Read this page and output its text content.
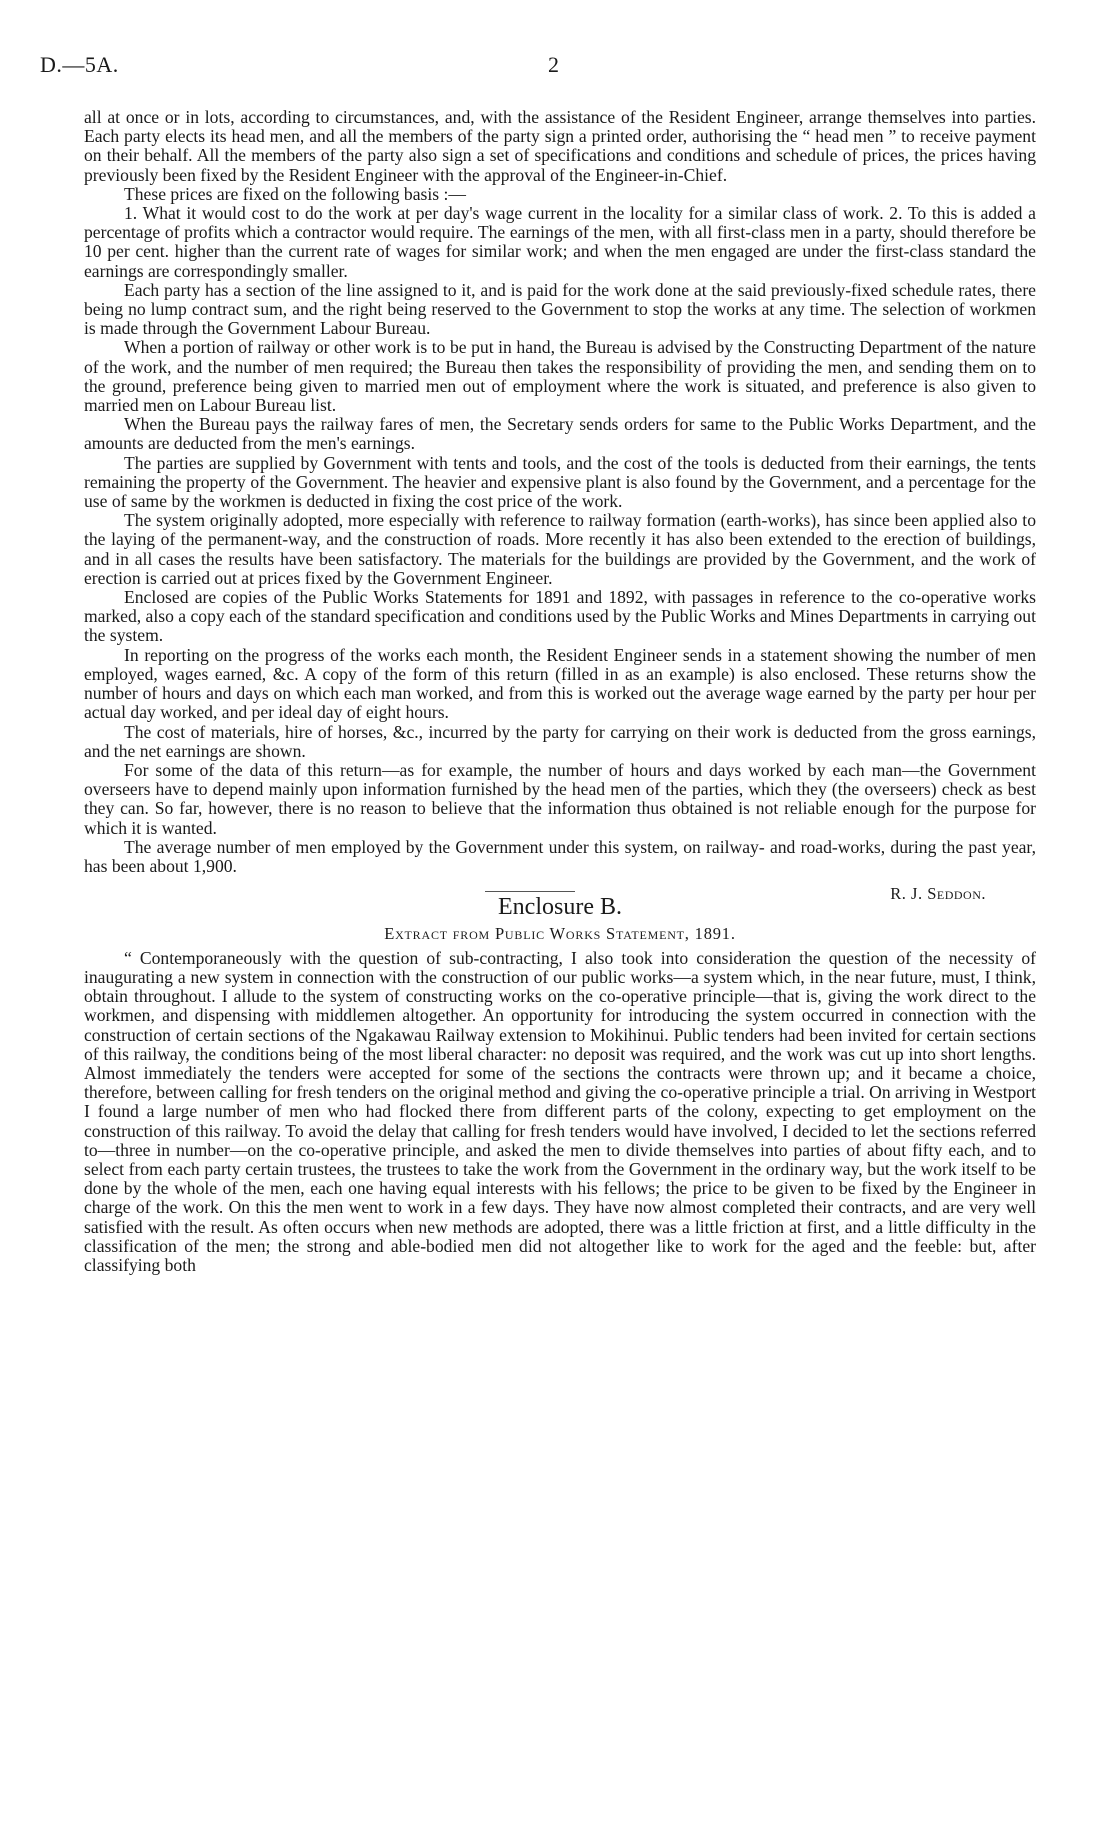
D.—5A.	2

all at once or in lots, according to circumstances, and, with the assistance of the Resident Engineer, arrange themselves into parties. Each party elects its head men, and all the members of the party sign a printed order, authorising the “ head men ” to receive payment on their behalf. All the members of the party also sign a set of specifications and conditions and schedule of prices, the prices having previously been fixed by the Resident Engineer with the approval of the Engineer-in-Chief.

These prices are fixed on the following basis :—

1. What it would cost to do the work at per day's wage current in the locality for a similar class of work. 2. To this is added a percentage of profits which a contractor would require. The earnings of the men, with all first-class men in a party, should therefore be 10 per cent. higher than the current rate of wages for similar work; and when the men engaged are under the first-class standard the earnings are correspondingly smaller.

Each party has a section of the line assigned to it, and is paid for the work done at the said previously-fixed schedule rates, there being no lump contract sum, and the right being reserved to the Government to stop the works at any time. The selection of workmen is made through the Government Labour Bureau.

When a portion of railway or other work is to be put in hand, the Bureau is advised by the Constructing Department of the nature of the work, and the number of men required; the Bureau then takes the responsibility of providing the men, and sending them on to the ground, preference being given to married men out of employment where the work is situated, and preference is also given to married men on Labour Bureau list.

When the Bureau pays the railway fares of men, the Secretary sends orders for same to the Public Works Department, and the amounts are deducted from the men's earnings.

The parties are supplied by Government with tents and tools, and the cost of the tools is deducted from their earnings, the tents remaining the property of the Government. The heavier and expensive plant is also found by the Government, and a percentage for the use of same by the workmen is deducted in fixing the cost price of the work.

The system originally adopted, more especially with reference to railway formation (earth-works), has since been applied also to the laying of the permanent-way, and the construction of roads. More recently it has also been extended to the erection of buildings, and in all cases the results have been satisfactory. The materials for the buildings are provided by the Government, and the work of erection is carried out at prices fixed by the Government Engineer.

Enclosed are copies of the Public Works Statements for 1891 and 1892, with passages in reference to the co-operative works marked, also a copy each of the standard specification and conditions used by the Public Works and Mines Departments in carrying out the system.

In reporting on the progress of the works each month, the Resident Engineer sends in a statement showing the number of men employed, wages earned, &c. A copy of the form of this return (filled in as an example) is also enclosed. These returns show the number of hours and days on which each man worked, and from this is worked out the average wage earned by the party per hour per actual day worked, and per ideal day of eight hours.

The cost of materials, hire of horses, &c., incurred by the party for carrying on their work is deducted from the gross earnings, and the net earnings are shown.

For some of the data of this return—as for example, the number of hours and days worked by each man—the Government overseers have to depend mainly upon information furnished by the head men of the parties, which they (the overseers) check as best they can. So far, however, there is no reason to believe that the information thus obtained is not reliable enough for the purpose for which it is wanted.

The average number of men employed by the Government under this system, on railway- and road-works, during the past year, has been about 1,900.

R. J. Seddon.
Enclosure B.
Extract from Public Works Statement, 1891.

“ Contemporaneously with the question of sub-contracting, I also took into consideration the question of the necessity of inaugurating a new system in connection with the construction of our public works—a system which, in the near future, must, I think, obtain throughout. I allude to the system of constructing works on the co-operative principle—that is, giving the work direct to the workmen, and dispensing with middlemen altogether. An opportunity for introducing the system occurred in connection with the construction of certain sections of the Ngakawau Railway extension to Mokihinui. Public tenders had been invited for certain sections of this railway, the conditions being of the most liberal character: no deposit was required, and the work was cut up into short lengths. Almost immediately the tenders were accepted for some of the sections the contracts were thrown up; and it became a choice, therefore, between calling for fresh tenders on the original method and giving the co-operative principle a trial. On arriving in Westport I found a large number of men who had flocked there from different parts of the colony, expecting to get employment on the construction of this railway. To avoid the delay that calling for fresh tenders would have involved, I decided to let the sections referred to—three in number—on the co-operative principle, and asked the men to divide themselves into parties of about fifty each, and to select from each party certain trustees, the trustees to take the work from the Government in the ordinary way, but the work itself to be done by the whole of the men, each one having equal interests with his fellows; the price to be given to be fixed by the Engineer in charge of the work. On this the men went to work in a few days. They have now almost completed their contracts, and are very well satisfied with the result. As often occurs when new methods are adopted, there was a little friction at first, and a little difficulty in the classification of the men; the strong and able-bodied men did not altogether like to work for the aged and the feeble: but, after classifying both
